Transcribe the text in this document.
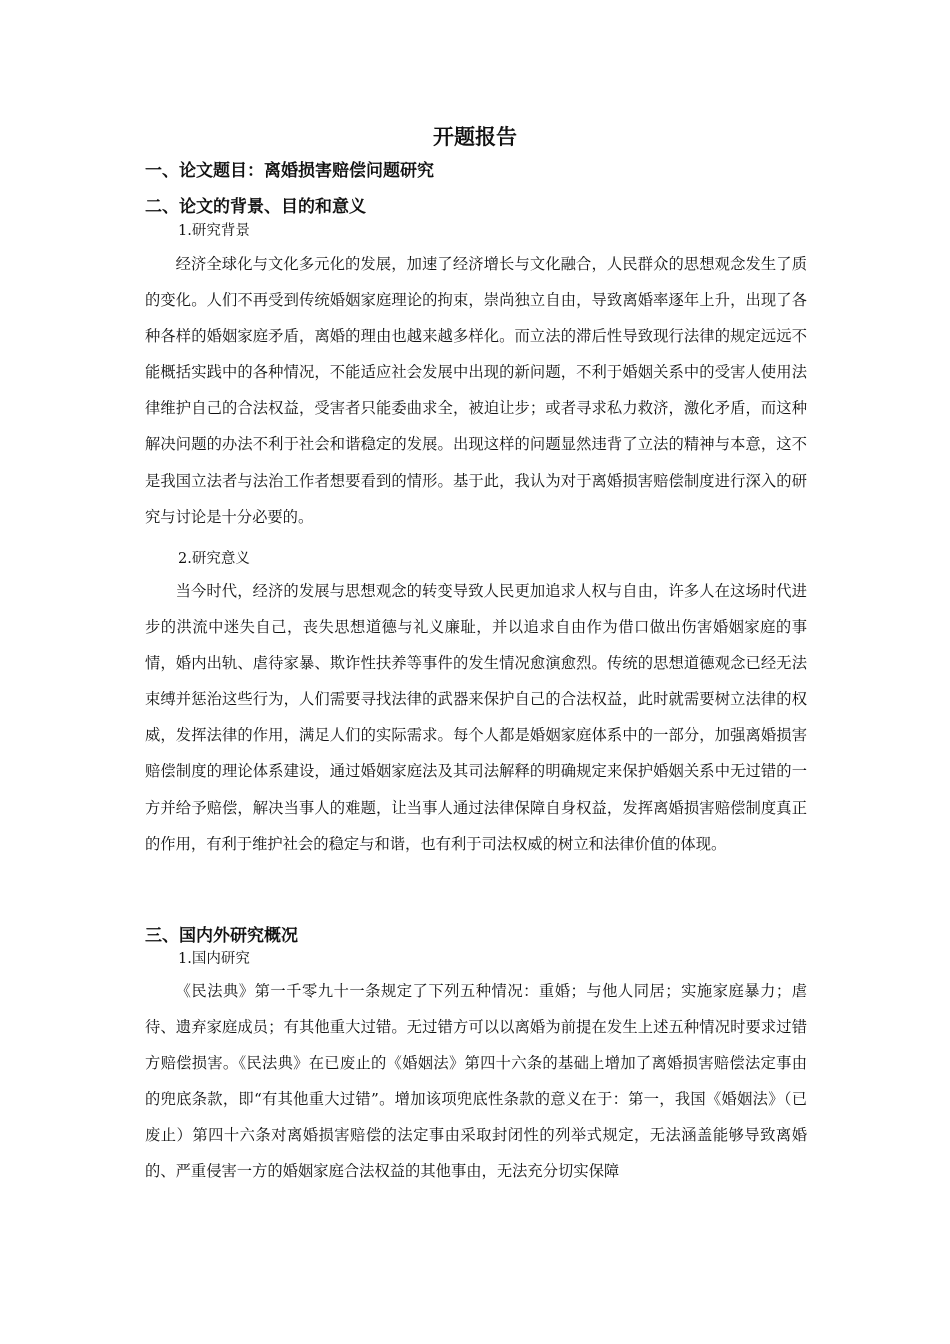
开题报告
一、论文题目：离婚损害赔偿问题研究
二、论文的背景、目的和意义
1.研究背景

经济全球化与文化多元化的发展，加速了经济增长与文化融合，人民群众的思想观念发生了质的变化。人们不再受到传统婚姻家庭理论的拘束，崇尚独立自由，导致离婚率逐年上升，出现了各种各样的婚姻家庭矛盾，离婚的理由也越来越多样化。而立法的滞后性导致现行法律的规定远远不能概括实践中的各种情况，不能适应社会发展中出现的新问题，不利于婚姻关系中的受害人使用法律维护自己的合法权益，受害者只能委曲求全，被迫让步；或者寻求私力救济，激化矛盾，而这种解决问题的办法不利于社会和谐稳定的发展。出现这样的问题显然违背了立法的精神与本意，这不是我国立法者与法治工作者想要看到的情形。基于此，我认为对于离婚损害赔偿制度进行深入的研究与讨论是十分必要的。

2.研究意义

当今时代，经济的发展与思想观念的转变导致人民更加追求人权与自由，许多人在这场时代进步的洪流中迷失自己，丧失思想道德与礼义廉耻，并以追求自由作为借口做出伤害婚姻家庭的事情，婚内出轨、虐待家暴、欺诈性扶养等事件的发生情况愈演愈烈。传统的思想道德观念已经无法束缚并惩治这些行为，人们需要寻找法律的武器来保护自己的合法权益，此时就需要树立法律的权威，发挥法律的作用，满足人们的实际需求。每个人都是婚姻家庭体系中的一部分，加强离婚损害赔偿制度的理论体系建设，通过婚姻家庭法及其司法解释的明确规定来保护婚姻关系中无过错的一方并给予赔偿，解决当事人的难题，让当事人通过法律保障自身权益，发挥离婚损害赔偿制度真正的作用，有利于维护社会的稳定与和谐，也有利于司法权威的树立和法律价值的体现。

三、国内外研究概况
1.国内研究

《民法典》第一千零九十一条规定了下列五种情况：重婚；与他人同居；实施家庭暴力；虐待、遗弃家庭成员；有其他重大过错。无过错方可以以离婚为前提在发生上述五种情况时要求过错方赔偿损害。《民法典》在已废止的《婚姻法》第四十六条的基础上增加了离婚损害赔偿法定事由的兜底条款，即“有其他重大过错”。增加该项兜底性条款的意义在于：第一，我国《婚姻法》（已废止）第四十六条对离婚损害赔偿的法定事由采取封闭性的列举式规定，无法涵盖能够导致离婚的、严重侵害一方的婚姻家庭合法权益的其他事由，无法充分切实保障
